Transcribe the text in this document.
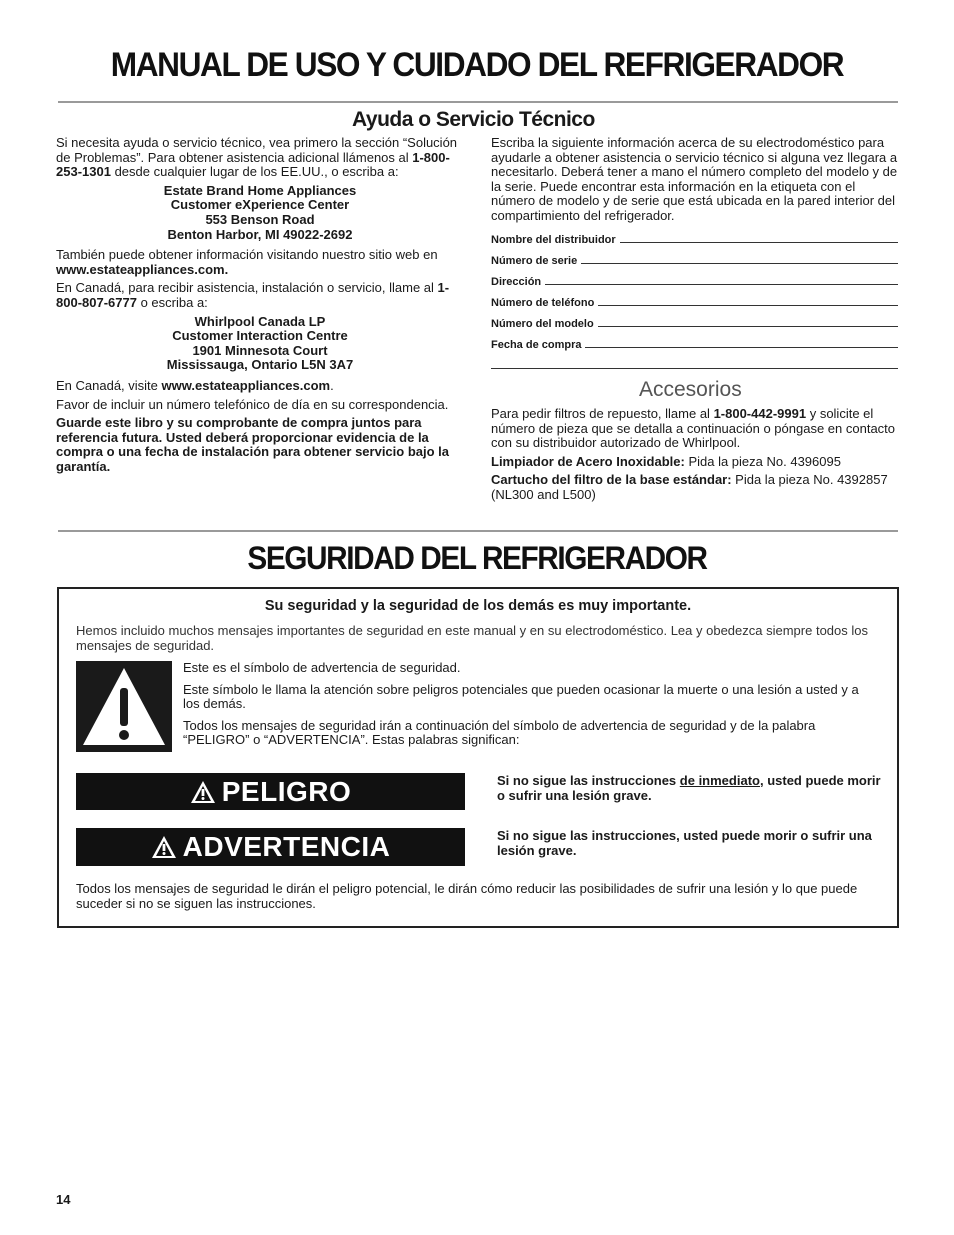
MANUAL DE USO Y CUIDADO DEL REFRIGERADOR
Ayuda o Servicio Técnico

Si necesita ayuda o servicio técnico, vea primero la sección “Solución de Problemas”. Para obtener asistencia adicional llámenos al 1-800-253-1301 desde cualquier lugar de los EE.UU., o escriba a:

Estate Brand Home Appliances

Customer eXperience Center

553 Benson Road

Benton Harbor, MI 49022-2692

También puede obtener información visitando nuestro sitio web en www.estateappliances.com.

En Canadá, para recibir asistencia, instalación o servicio, llame al 1-800-807-6777 o escriba a:

Whirlpool Canada LP

Customer Interaction Centre

1901 Minnesota Court

Mississauga, Ontario L5N 3A7

En Canadá, visite www.estateappliances.com.

Favor de incluir un número telefónico de día en su correspondencia.

Guarde este libro y su comprobante de compra juntos para referencia futura. Usted deberá proporcionar evidencia de la compra o una fecha de instalación para obtener servicio bajo la garantía.

Escriba la siguiente información acerca de su electrodoméstico para ayudarle a obtener asistencia o servicio técnico si alguna vez llegara a necesitarlo. Deberá tener a mano el número completo del modelo y de la serie. Puede encontrar esta información en la etiqueta con el número de modelo y de serie que está ubicada en la pared interior del compartimiento del refrigerador.

Nombre del distribuidor
Número de serie
Dirección
Número de teléfono
Número del modelo
Fecha de compra
Accesorios

Para pedir filtros de repuesto, llame al 1-800-442-9991 y solicite el número de pieza que se detalla a continuación o póngase en contacto con su distribuidor autorizado de Whirlpool.

Limpiador de Acero Inoxidable: Pida la pieza No. 4396095

Cartucho del filtro de la base estándar: Pida la pieza No. 4392857 (NL300 and L500)

SEGURIDAD DEL REFRIGERADOR
Su seguridad y la seguridad de los demás es muy importante.

Hemos incluido muchos mensajes importantes de seguridad en este manual y en su electrodoméstico. Lea y obedezca siempre todos los mensajes de seguridad.

Este es el símbolo de advertencia de seguridad.

Este símbolo le llama la atención sobre peligros potenciales que pueden ocasionar la muerte o una lesión a usted y a los demás.

Todos los mensajes de seguridad irán a continuación del símbolo de advertencia de seguridad y de la palabra “PELIGRO” o “ADVERTENCIA”. Estas palabras significan:

PELIGRO	Si no sigue las instrucciones de inmediato, usted puede morir o sufrir una lesión grave.

ADVERTENCIA	Si no sigue las instrucciones, usted puede morir o sufrir una lesión grave.

Todos los mensajes de seguridad le dirán el peligro potencial, le dirán cómo reducir las posibilidades de sufrir una lesión y lo que puede suceder si no se siguen las instrucciones.

14
